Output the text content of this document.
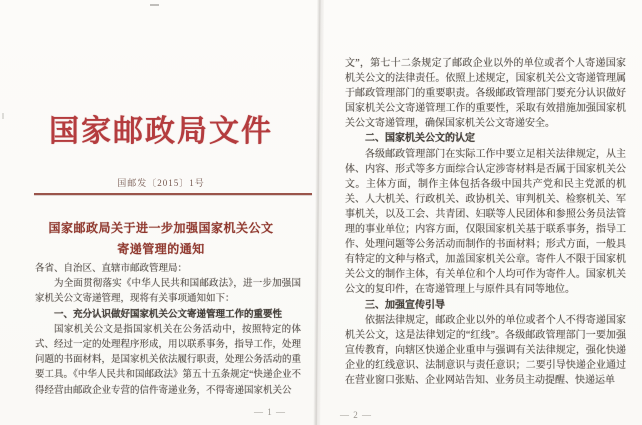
国家邮政局文件
国邮发〔2015〕1号
国家邮政局关于进一步加强国家机关公文
寄递管理的通知

各省、自治区、直辖市邮政管理局：

为全面贯彻落实《中华人民共和国邮政法》，进一步加强国家机关公文寄递管理，现将有关事项通知如下：

一、充分认识做好国家机关公文寄递管理工作的重要性

国家机关公文是指国家机关在公务活动中，按照特定的体式、经过一定的处理程序形成，用以联系事务，指导工作，处理问题的书面材料，是国家机关依法履行职责，处理公务活动的重要工具。《中华人民共和国邮政法》第五十五条规定“快递企业不得经营由邮政企业专营的信件寄递业务，不得寄递国家机关公

— 1 —

文”，第七十二条规定了邮政企业以外的单位或者个人寄递国家机关公文的法律责任。依照上述规定，国家机关公文寄递管理属于邮政管理部门的重要职责。各级邮政管理部门要充分认识做好国家机关公文寄递管理工作的重要性，采取有效措施加强国家机关公文寄递管理，确保国家机关公文寄递安全。

二、国家机关公文的认定

各级邮政管理部门在实际工作中要立足相关法律规定，从主体、内容、形式等多方面综合认定涉寄材料是否属于国家机关公文。主体方面，制作主体包括各级中国共产党和民主党派的机关、人大机关、行政机关、政协机关、审判机关、检察机关、军事机关，以及工会、共青团、妇联等人民团体和参照公务员法管理的事业单位；内容方面，仅限国家机关基于联系事务，指导工作、处理问题等公务活动而制作的书面材料；形式方面，一般具有特定的文种与格式，加盖国家机关公章。寄件人不限于国家机关公文的制作主体，有关单位和个人均可作为寄件人。国家机关公文的复印件，在寄递管理上与原件具有同等地位。

三、加强宣传引导

依据法律规定，邮政企业以外的单位或者个人不得寄递国家机关公文，这是法律划定的“红线”。各级邮政管理部门一要加强宣传教育，向辖区快递企业重申与强调有关法律规定，强化快递企业的红线意识、法制意识与责任意识；二要引导快递企业通过在营业窗口张贴、企业网站告知、业务员主动提醒、快递运单

— 2 —
